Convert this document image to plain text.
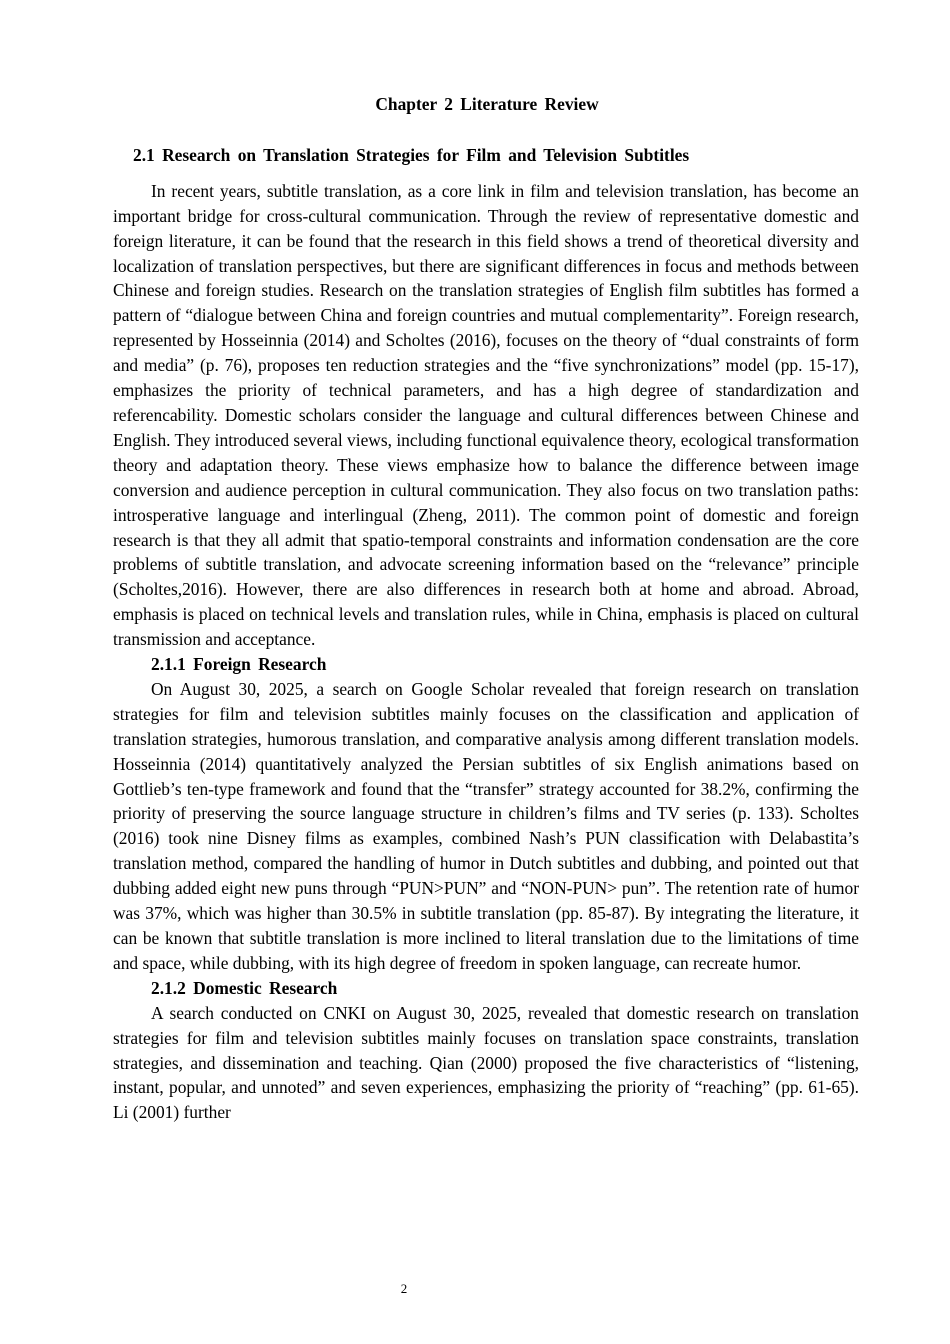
Chapter 2 Literature Review
2.1 Research on Translation Strategies for Film and Television Subtitles

In recent years, subtitle translation, as a core link in film and television translation, has become an important bridge for cross-cultural communication. Through the review of representative domestic and foreign literature, it can be found that the research in this field shows a trend of theoretical diversity and localization of translation perspectives, but there are significant differences in focus and methods between Chinese and foreign studies. Research on the translation strategies of English film subtitles has formed a pattern of “dialogue between China and foreign countries and mutual complementarity”. Foreign research, represented by Hosseinnia (2014) and Scholtes (2016), focuses on the theory of “dual constraints of form and media” (p. 76), proposes ten reduction strategies and the “five synchronizations” model (pp. 15-17), emphasizes the priority of technical parameters, and has a high degree of standardization and referencability. Domestic scholars consider the language and cultural differences between Chinese and English. They introduced several views, including functional equivalence theory, ecological transformation theory and adaptation theory. These views emphasize how to balance the difference between image conversion and audience perception in cultural communication. They also focus on two translation paths: introsperative language and interlingual (Zheng, 2011). The common point of domestic and foreign research is that they all admit that spatio-temporal constraints and information condensation are the core problems of subtitle translation, and advocate screening information based on the “relevance” principle (Scholtes,2016). However, there are also differences in research both at home and abroad. Abroad, emphasis is placed on technical levels and translation rules, while in China, emphasis is placed on cultural transmission and acceptance.

2.1.1 Foreign Research

On August 30, 2025, a search on Google Scholar revealed that foreign research on translation strategies for film and television subtitles mainly focuses on the classification and application of translation strategies, humorous translation, and comparative analysis among different translation models. Hosseinnia (2014) quantitatively analyzed the Persian subtitles of six English animations based on Gottlieb’s ten-type framework and found that the “transfer” strategy accounted for 38.2%, confirming the priority of preserving the source language structure in children’s films and TV series (p. 133). Scholtes (2016) took nine Disney films as examples, combined Nash’s PUN classification with Delabastita’s translation method, compared the handling of humor in Dutch subtitles and dubbing, and pointed out that dubbing added eight new puns through “PUN>PUN” and “NON-PUN> pun”. The retention rate of humor was 37%, which was higher than 30.5% in subtitle translation (pp. 85-87). By integrating the literature, it can be known that subtitle translation is more inclined to literal translation due to the limitations of time and space, while dubbing, with its high degree of freedom in spoken language, can recreate humor.

2.1.2 Domestic Research

A search conducted on CNKI on August 30, 2025, revealed that domestic research on translation strategies for film and television subtitles mainly focuses on translation space constraints, translation strategies, and dissemination and teaching. Qian (2000) proposed the five characteristics of “listening, instant, popular, and unnoted” and seven experiences, emphasizing the priority of “reaching” (pp. 61-65). Li (2001) further

2
